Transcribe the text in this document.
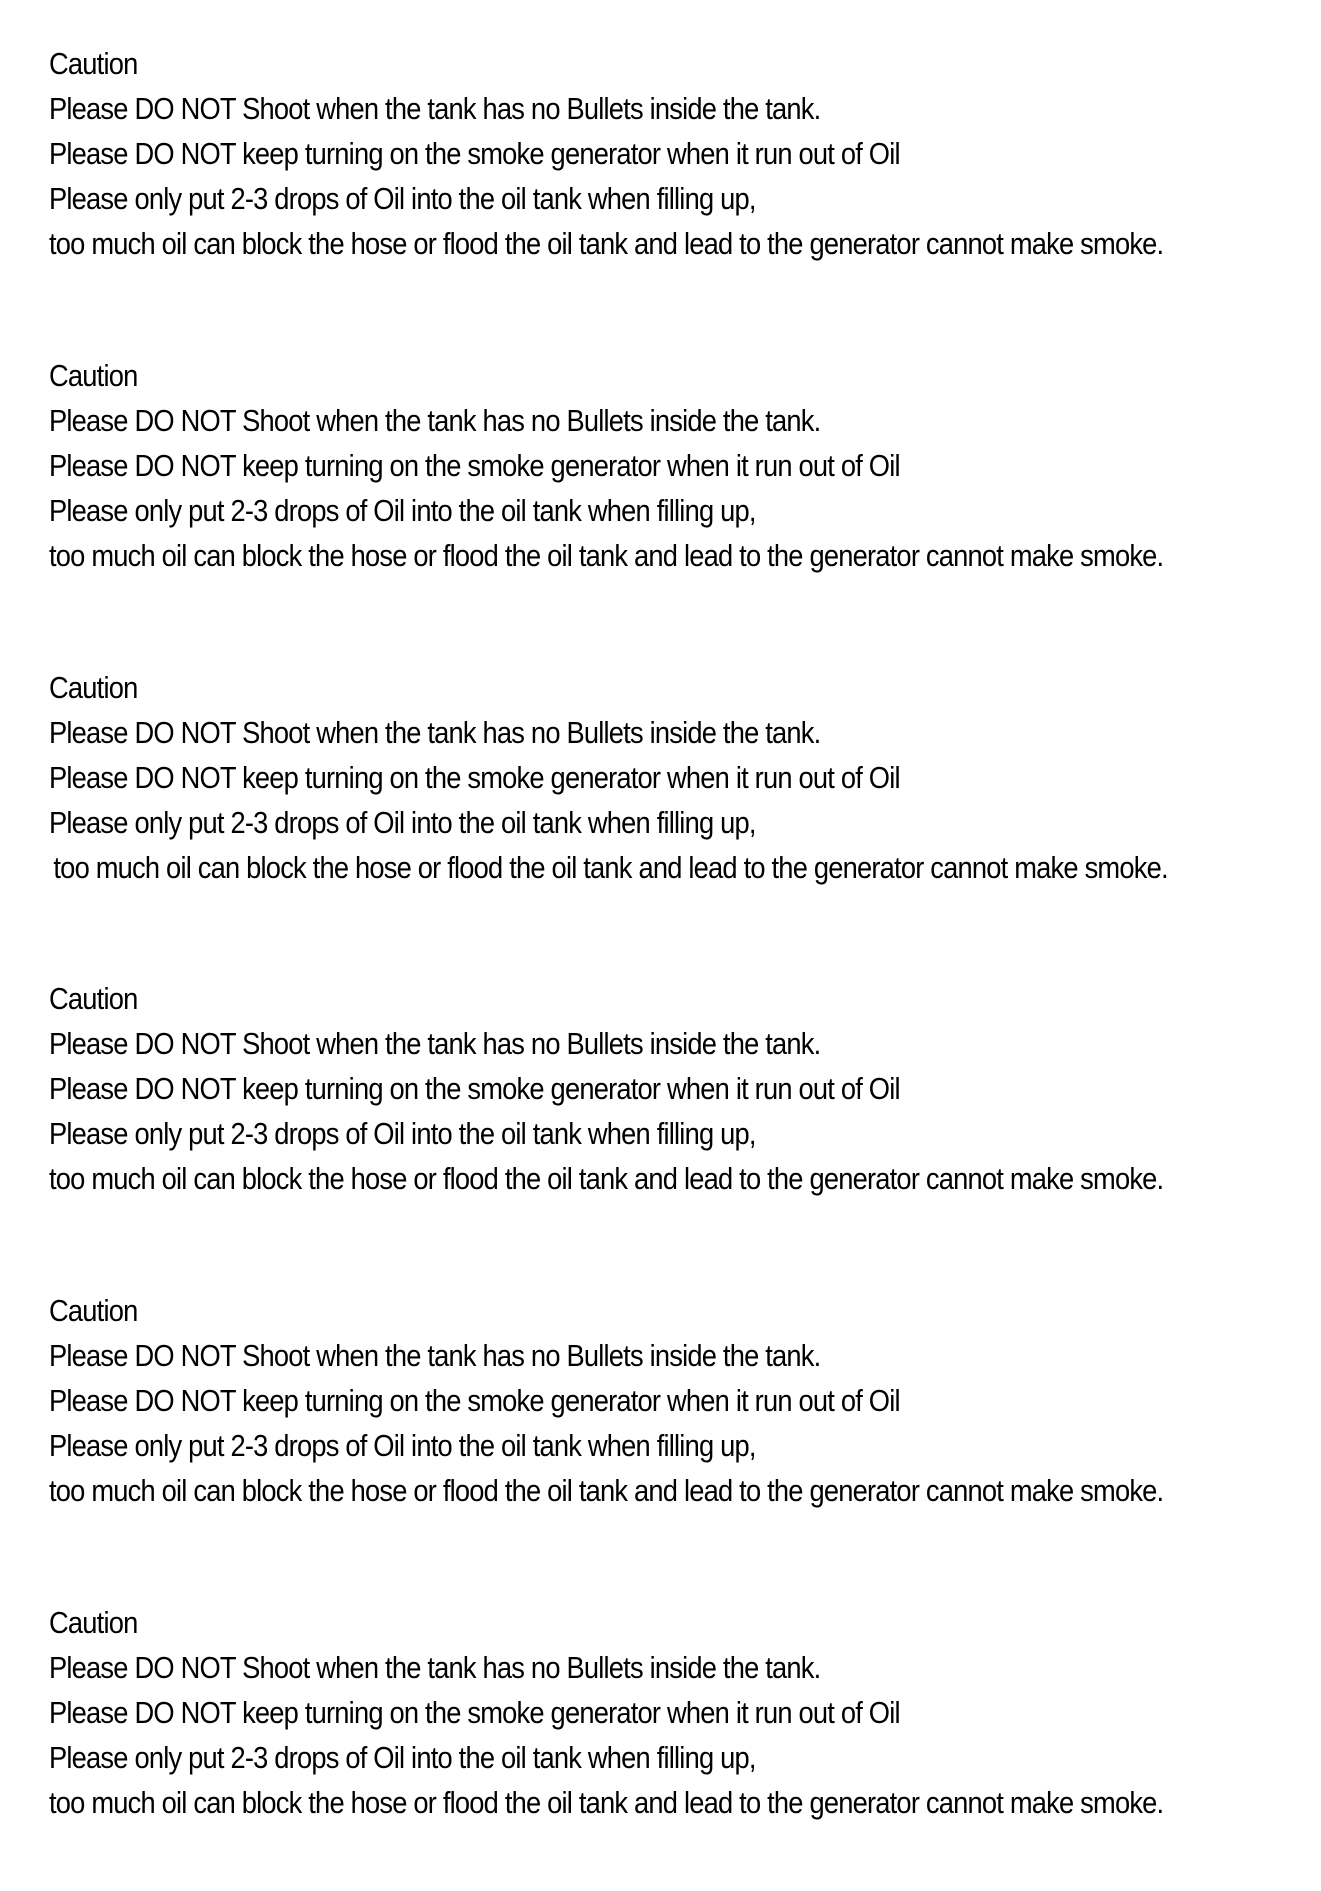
Caution
Please DO NOT Shoot when the tank has no Bullets inside the tank.
Please DO NOT keep turning on the smoke generator when it run out of Oil
Please only put 2-3 drops of Oil into the oil tank when filling up,
too much oil can block the hose or flood the oil tank and lead to the generator cannot make smoke.
Caution
Please DO NOT Shoot when the tank has no Bullets inside the tank.
Please DO NOT keep turning on the smoke generator when it run out of Oil
Please only put 2-3 drops of Oil into the oil tank when filling up,
too much oil can block the hose or flood the oil tank and lead to the generator cannot make smoke.
Caution
Please DO NOT Shoot when the tank has no Bullets inside the tank.
Please DO NOT keep turning on the smoke generator when it run out of Oil
Please only put 2-3 drops of Oil into the oil tank when filling up,
too much oil can block the hose or flood the oil tank and lead to the generator cannot make smoke.
Caution
Please DO NOT Shoot when the tank has no Bullets inside the tank.
Please DO NOT keep turning on the smoke generator when it run out of Oil
Please only put 2-3 drops of Oil into the oil tank when filling up,
too much oil can block the hose or flood the oil tank and lead to the generator cannot make smoke.
Caution
Please DO NOT Shoot when the tank has no Bullets inside the tank.
Please DO NOT keep turning on the smoke generator when it run out of Oil
Please only put 2-3 drops of Oil into the oil tank when filling up,
too much oil can block the hose or flood the oil tank and lead to the generator cannot make smoke.
Caution
Please DO NOT Shoot when the tank has no Bullets inside the tank.
Please DO NOT keep turning on the smoke generator when it run out of Oil
Please only put 2-3 drops of Oil into the oil tank when filling up,
too much oil can block the hose or flood the oil tank and lead to the generator cannot make smoke.
